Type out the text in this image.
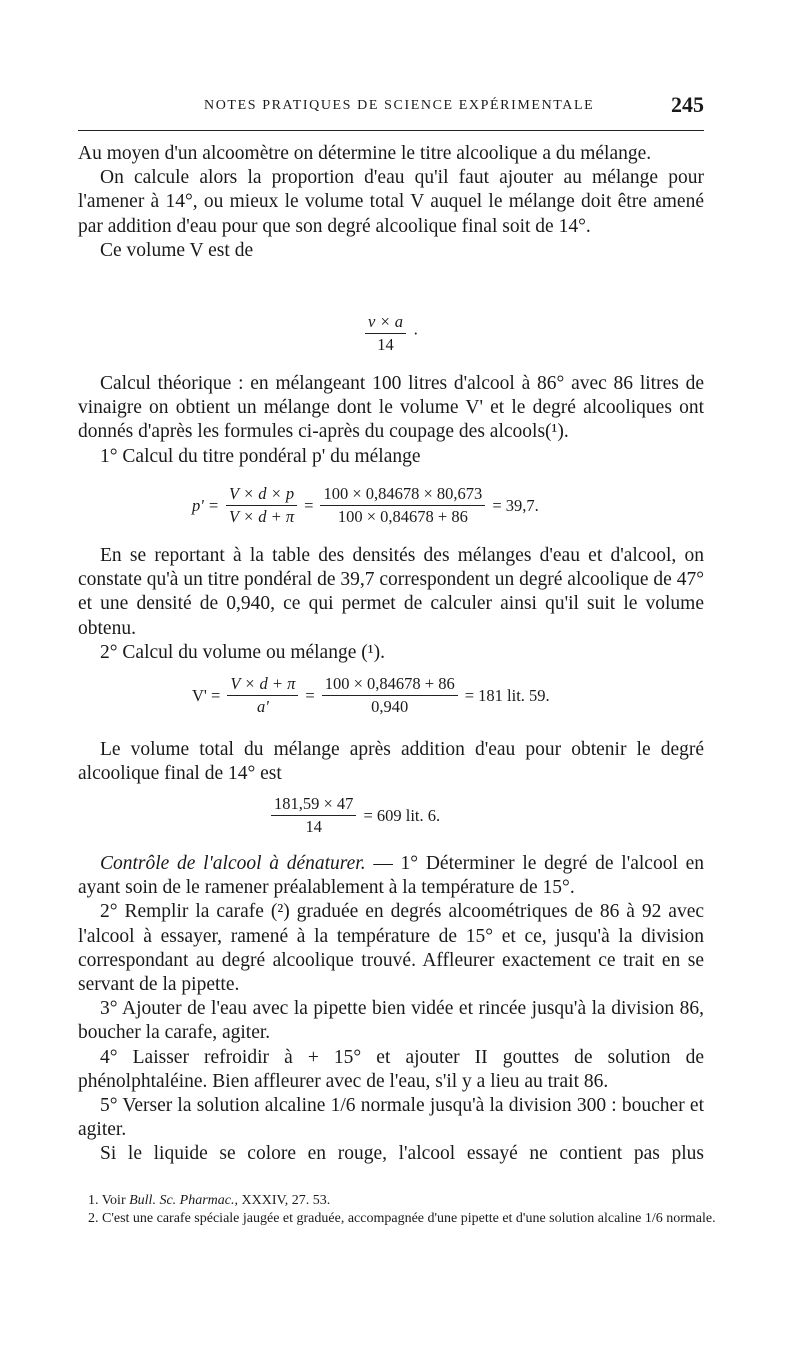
NOTES PRATIQUES DE SCIENCE EXPÉRIMENTALE	245

Au moyen d'un alcoomètre on détermine le titre alcoolique a du mélange.

On calcule alors la proportion d'eau qu'il faut ajouter au mélange pour l'amener à 14°, ou mieux le volume total V auquel le mélange doit être amené par addition d'eau pour que son degré alcoolique final soit de 14°.

Ce volume V est de

$\frac{v \times a}{14}$ ·

Calcul théorique : en mélangeant 100 litres d'alcool à 86° avec 86 litres de vinaigre on obtient un mélange dont le volume V' et le degré alcooliques ont donnés d'après les formules ci-après du coupage des alcools(¹).

1° Calcul du titre pondéral p' du mélange

$p' = \frac{V \times d \times p}{V \times d + \pi} = \frac{100 \times 0,84678 \times 80,673}{100 \times 0,84678 + 86} = 39,7$.

En se reportant à la table des densités des mélanges d'eau et d'alcool, on constate qu'à un titre pondéral de 39,7 correspondent un degré alcoolique de 47° et une densité de 0,940, ce qui permet de calculer ainsi qu'il suit le volume obtenu.

2° Calcul du volume ou mélange (¹).

$V' = \frac{V \times d + \pi}{a'} = \frac{100 \times 0,84678 + 86}{0,940} = 181$ lit. 59.

Le volume total du mélange après addition d'eau pour obtenir le degré alcoolique final de 14° est

$\frac{181,59 \times 47}{14} = 609$ lit. 6.

Contrôle de l'alcool à dénaturer. — 1° Déterminer le degré de l'alcool en ayant soin de le ramener préalablement à la température de 15°.

2° Remplir la carafe (²) graduée en degrés alcoométriques de 86 à 92 avec l'alcool à essayer, ramené à la température de 15° et ce, jusqu'à la division correspondant au degré alcoolique trouvé. Affleurer exactement ce trait en se servant de la pipette.

3° Ajouter de l'eau avec la pipette bien vidée et rincée jusqu'à la division 86, boucher la carafe, agiter.

4° Laisser refroidir à + 15° et ajouter II gouttes de solution de phénolphtaléine. Bien affleurer avec de l'eau, s'il y a lieu au trait 86.

5° Verser la solution alcaline 1/6 normale jusqu'à la division 300 : boucher et agiter.

Si le liquide se colore en rouge, l'alcool essayé ne contient pas plus

1. Voir Bull. Sc. Pharmac., XXXIV, 27. 53.

2. C'est une carafe spéciale jaugée et graduée, accompagnée d'une pipette et d'une solution alcaline 1/6 normale.
